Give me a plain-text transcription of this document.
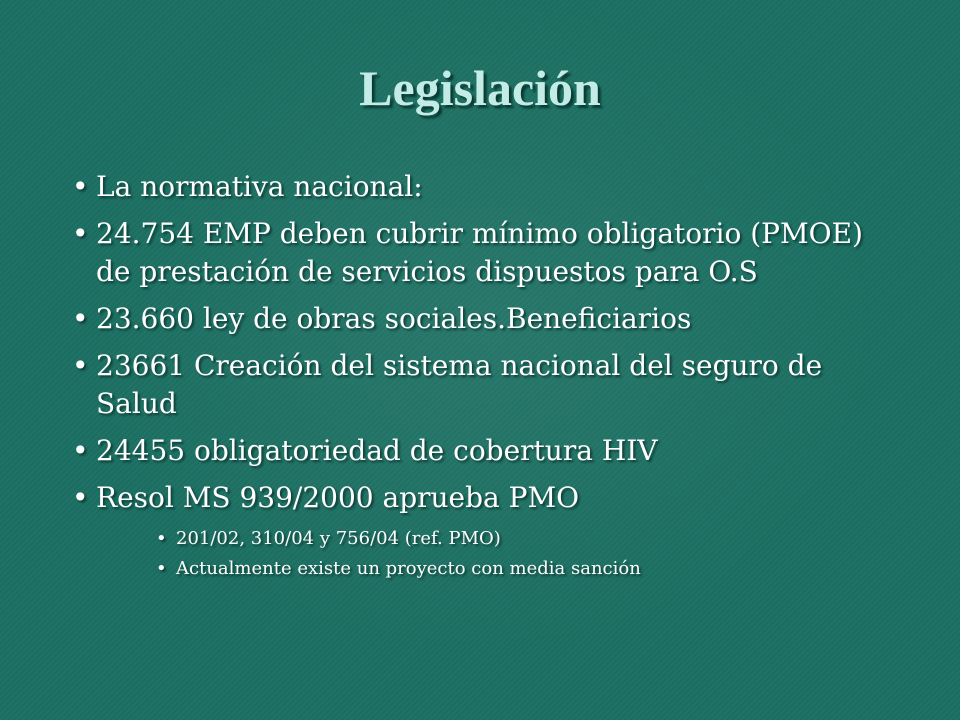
Legislación
• La normativa nacional:
• 24.754 EMP deben cubrir mínimo obligatorio (PMOE) de prestación de servicios dispuestos para O.S
• 23.660 ley de obras sociales.Beneficiarios
• 23661 Creación del sistema nacional del seguro de Salud
• 24455 obligatoriedad de cobertura HIV
• Resol MS 939/2000 aprueba PMO
• 201/02, 310/04 y 756/04 (ref. PMO)
• Actualmente existe un proyecto con media sanción
